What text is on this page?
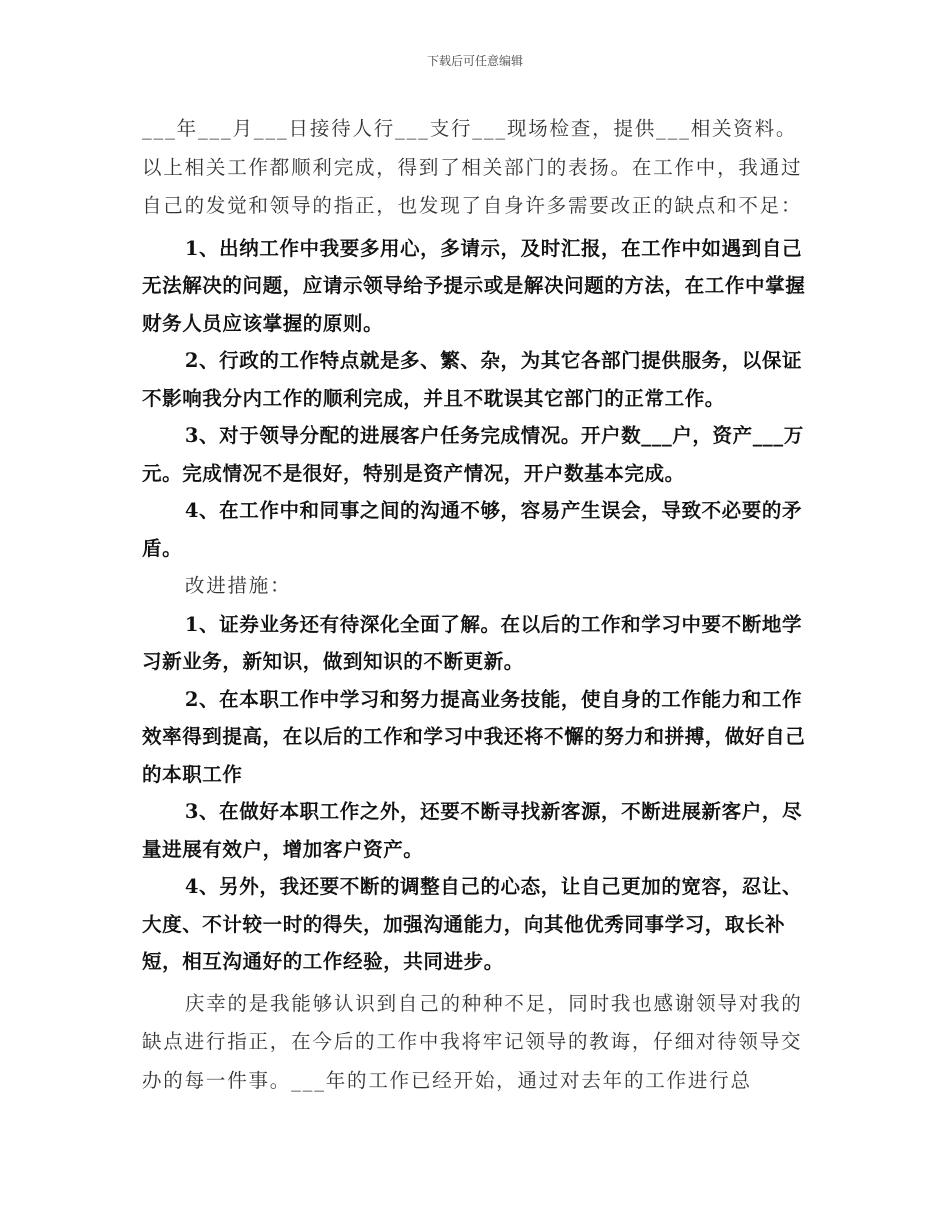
下载后可任意编辑

___年___月___日接待人行___支行___现场检查，提供___相关资料。以上相关工作都顺利完成，得到了相关部门的表扬。在工作中，我通过自己的发觉和领导的指正，也发现了自身许多需要改正的缺点和不足：

1、出纳工作中我要多用心，多请示，及时汇报，在工作中如遇到自己无法解决的问题，应请示领导给予提示或是解决问题的方法，在工作中掌握财务人员应该掌握的原则。

2、行政的工作特点就是多、繁、杂，为其它各部门提供服务，以保证不影响我分内工作的顺利完成，并且不耽误其它部门的正常工作。

3、对于领导分配的进展客户任务完成情况。开户数___户，资产___万元。完成情况不是很好，特别是资产情况，开户数基本完成。

4、在工作中和同事之间的沟通不够，容易产生误会，导致不必要的矛盾。

改进措施：

1、证券业务还有待深化全面了解。在以后的工作和学习中要不断地学习新业务，新知识，做到知识的不断更新。

2、在本职工作中学习和努力提高业务技能，使自身的工作能力和工作效率得到提高，在以后的工作和学习中我还将不懈的努力和拼搏，做好自己的本职工作

3、在做好本职工作之外，还要不断寻找新客源，不断进展新客户，尽量进展有效户，增加客户资产。

4、另外，我还要不断的调整自己的心态，让自己更加的宽容，忍让、大度、不计较一时的得失，加强沟通能力，向其他优秀同事学习，取长补短，相互沟通好的工作经验，共同进步。

庆幸的是我能够认识到自己的种种不足，同时我也感谢领导对我的缺点进行指正，在今后的工作中我将牢记领导的教诲，仔细对待领导交办的每一件事。___年的工作已经开始，通过对去年的工作进行总
